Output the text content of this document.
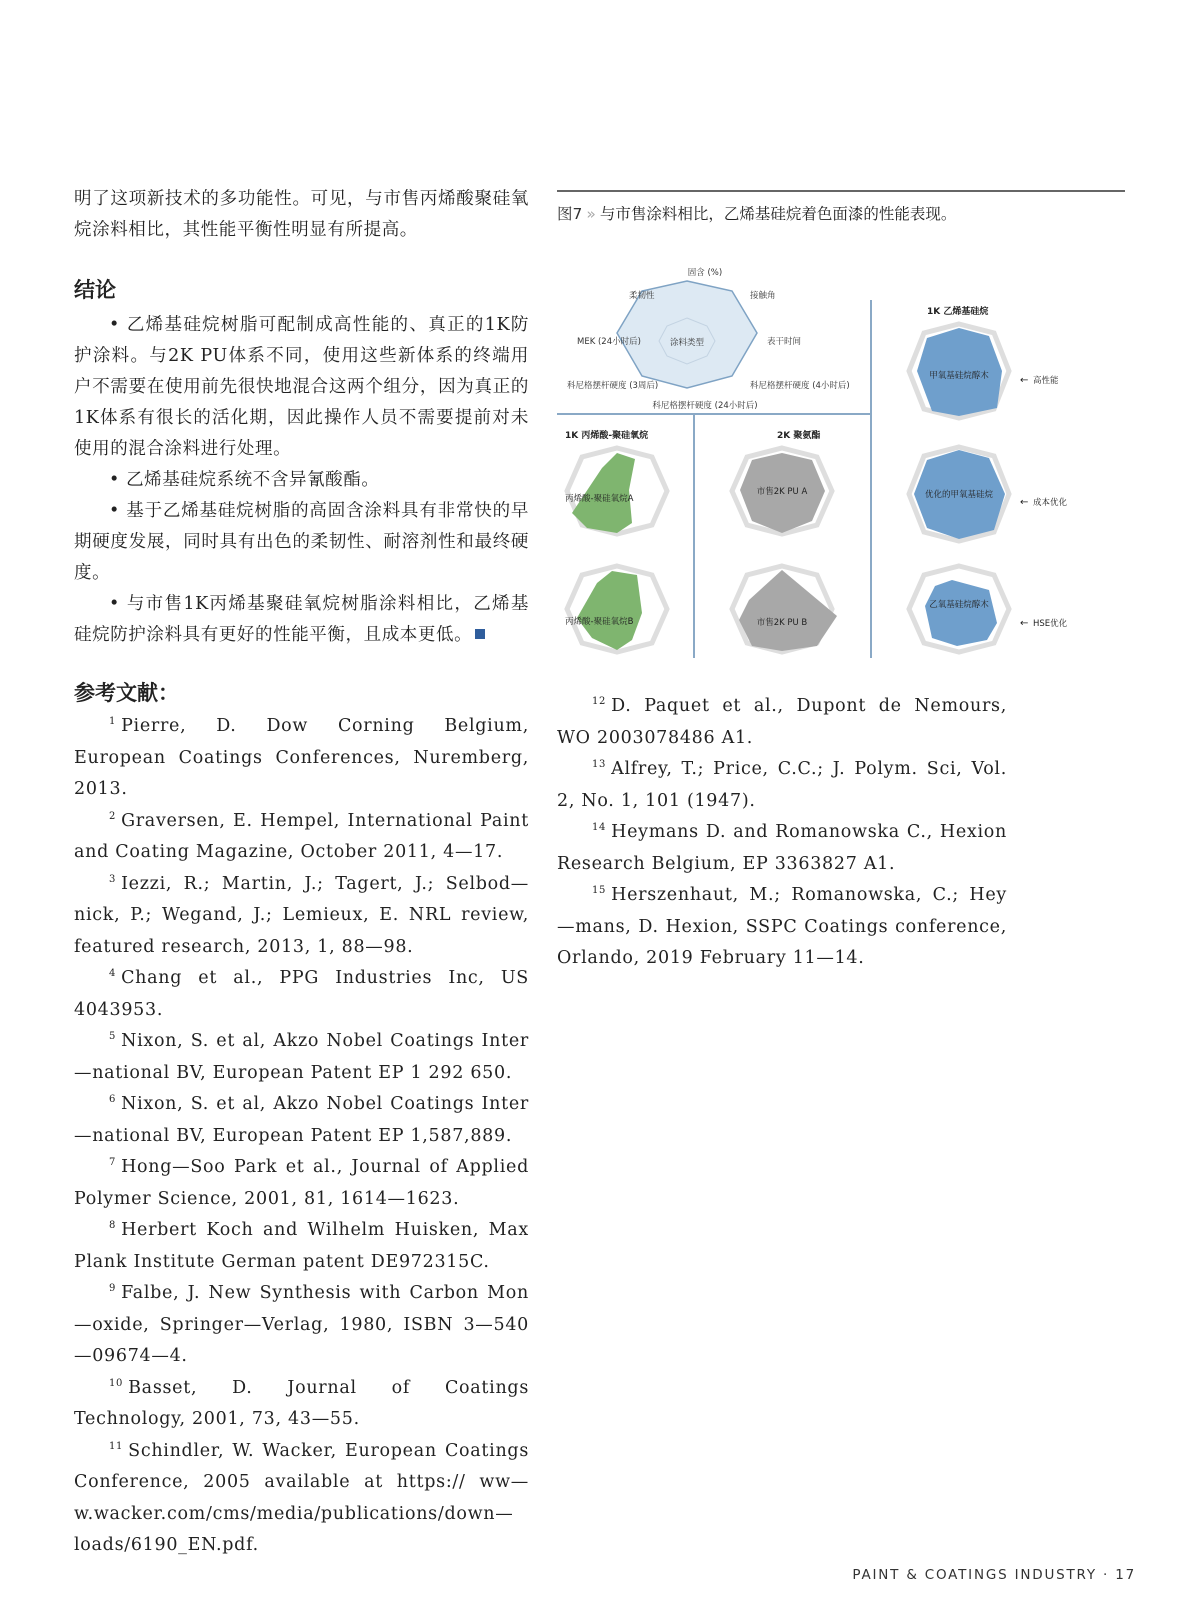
明了这项新技术的多功能性。可见，与市售丙烯酸聚硅氧烷涂料相比，其性能平衡性明显有所提高。

结论

• 乙烯基硅烷树脂可配制成高性能的、真正的1K防护涂料。与2K PU体系不同，使用这些新体系的终端用户不需要在使用前先很快地混合这两个组分，因为真正的1K体系有很长的活化期，因此操作人员不需要提前对未使用的混合涂料进行处理。

• 乙烯基硅烷系统不含异氰酸酯。

• 基于乙烯基硅烷树脂的高固含涂料具有非常快的早期硬度发展，同时具有出色的柔韧性、耐溶剂性和最终硬度。

• 与市售1K丙烯基聚硅氧烷树脂涂料相比，乙烯基硅烷防护涂料具有更好的性能平衡，且成本更低。

参考文献：

$^1$ Pierre, D. Dow Corning Belgium, European Coatings Conferences, Nuremberg, 2013.

$^2$ Graversen, E. Hempel, International Paint and Coating Magazine, October 2011, 4—17.

$^3$ Iezzi, R.; Martin, J.; Tagert, J.; Selbod—nick, P.; Wegand, J.; Lemieux, E. NRL review, featured research, 2013, 1, 88—98.

$^4$ Chang et al., PPG Industries Inc, US 4043953.

$^5$ Nixon, S. et al, Akzo Nobel Coatings Inter—national BV, European Patent EP 1 292 650.

$^6$ Nixon, S. et al, Akzo Nobel Coatings Inter—national BV, European Patent EP 1,587,889.

$^7$ Hong—Soo Park et al., Journal of Applied Polymer Science, 2001, 81, 1614—1623.

$^8$ Herbert Koch and Wilhelm Huisken, Max Plank Institute German patent DE972315C.

$^9$ Falbe, J. New Synthesis with Carbon Mon—oxide, Springer—Verlag, 1980, ISBN 3—540—09674—4.

$^{10}$ Basset, D. Journal of Coatings Technology, 2001, 73, 43—55.

$^{11}$ Schindler, W. Wacker, European Coatings Conference, 2005 available at https:// ww—w.wacker.com/cms/media/publications/down—loads/6190_EN.pdf.

图7 » 与市售涂料相比，乙烯基硅烷着色面漆的性能表现。
涂料类型
固含 (%)
接触角
表干时间
科尼格摆杆硬度 (4小时后)
科尼格摆杆硬度 (24小时后)
科尼格摆杆硬度 (3周后)
MEK (24小时后)
柔韧性
1K 丙烯酸-聚硅氧烷	2K 聚氨酯
1K 乙烯基硅烷
丙烯酸-聚硅氧烷A
丙烯酸-聚硅氧烷B
市售2K PU A
市售2K PU B
甲氧基硅烷醇木
优化的甲氧基硅烷
乙氧基硅烷醇木
← 高性能
← 成本优化
← HSE优化

$^{12}$ D. Paquet et al., Dupont de Nemours, WO 2003078486 A1.

$^{13}$ Alfrey, T.; Price, C.C.; J. Polym. Sci, Vol. 2, No. 1, 101 (1947).

$^{14}$ Heymans D. and Romanowska C., Hexion Research Belgium, EP 3363827 A1.

$^{15}$ Herszenhaut, M.; Romanowska, C.; Hey—mans, D. Hexion, SSPC Coatings conference, Orlando, 2019 February 11—14.

PAINT & COATINGS INDUSTRY · 17
